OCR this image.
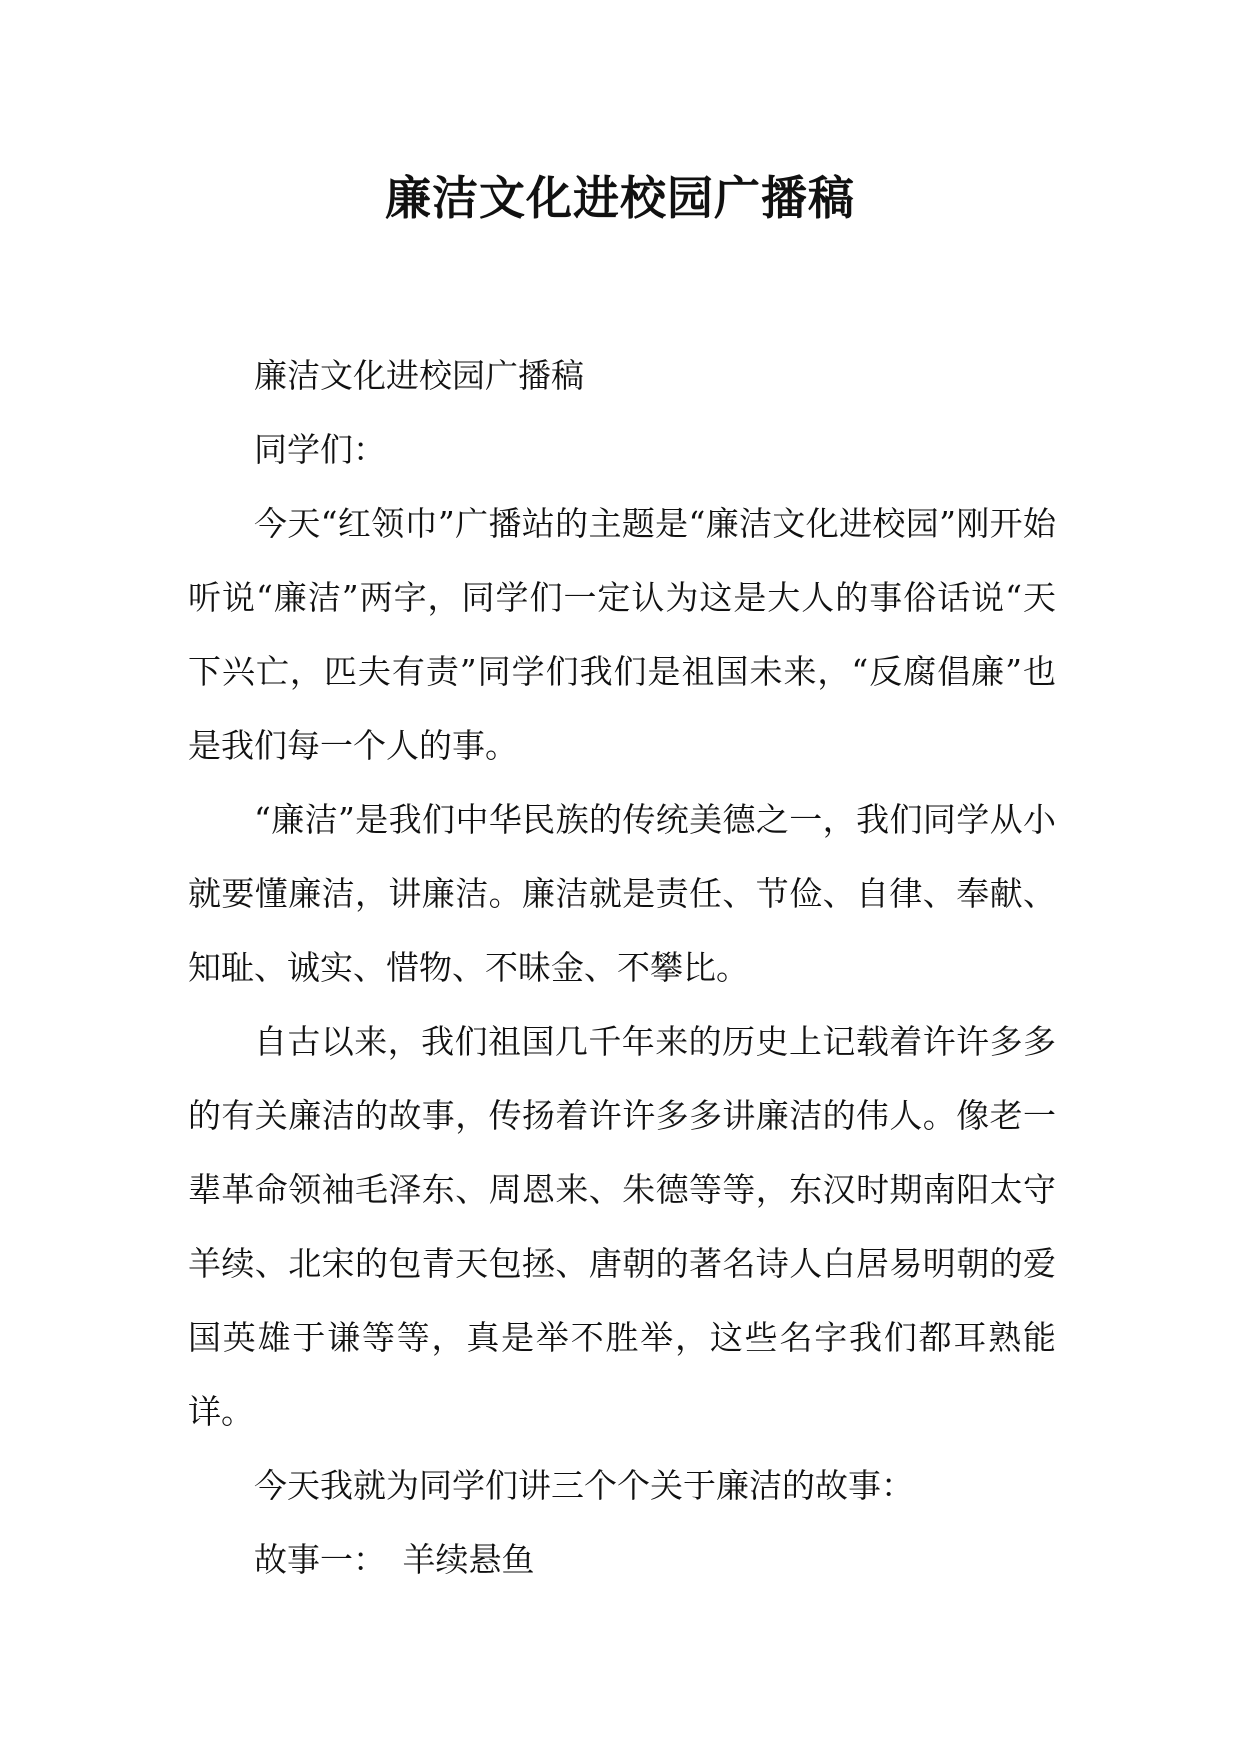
廉洁文化进校园广播稿

廉洁文化进校园广播稿

同学们：

今天“红领巾”广播站的主题是“廉洁文化进校园”刚开始听说“廉洁”两字，同学们一定认为这是大人的事俗话说“天下兴亡，匹夫有责”同学们我们是祖国未来，“反腐倡廉”也是我们每一个人的事。

“廉洁”是我们中华民族的传统美德之一，我们同学从小就要懂廉洁，讲廉洁。廉洁就是责任、节俭、自律、奉献、知耻、诚实、惜物、不昧金、不攀比。

自古以来，我们祖国几千年来的历史上记载着许许多多的有关廉洁的故事，传扬着许许多多讲廉洁的伟人。像老一辈革命领袖毛泽东、周恩来、朱德等等，东汉时期南阳太守羊续、北宋的包青天包拯、唐朝的著名诗人白居易明朝的爱国英雄于谦等等，真是举不胜举，这些名字我们都耳熟能详。

今天我就为同学们讲三个个关于廉洁的故事：

故事一：　羊续悬鱼
